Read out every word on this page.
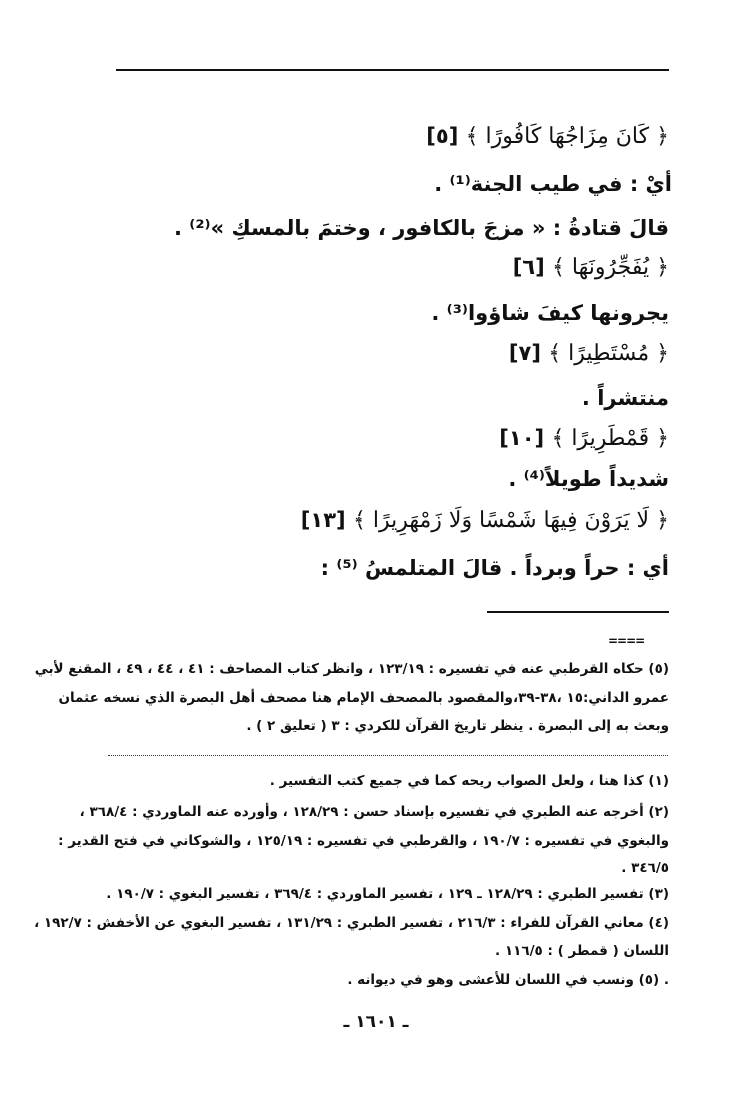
﴿ كَانَ مِزَاجُهَا كَافُورًا ﴾ [٥]
أيْ : في طيب الجنة⁽¹⁾ .
قالَ قتادةُ : « مزجَ بالكافور ، وختمَ بالمسكِ »⁽²⁾ .
﴿ يُفَجِّرُونَهَا ﴾ [٦]
يجرونها كيفَ شاؤوا⁽³⁾ .
﴿ مُسْتَطِيرًا ﴾ [٧]
منتشراً .
﴿ قَمْطَرِيرًا ﴾ [١٠]
شديداً طويلاً⁽⁴⁾ .
﴿ لَا يَرَوْنَ فِيهَا شَمْسًا وَلَا زَمْهَرِيرًا ﴾ [١٣]
أي : حراً وبرداً . قالَ المتلمسُ ⁽⁵⁾ :
====
(٥) حكاه القرطبي عنه في تفسيره : ١٢٣/١٩ ، وانظر كتاب المصاحف : ٤١ ، ٤٤ ، ٤٩ ، المقنع لأبي
عمرو الداني:١٥ ،٣٨-٣٩،والمقصود بالمصحف الإمام هنا مصحف أهل البصرة الذي نسخه عثمان
وبعث به إلى البصرة . ينظر تاريخ القرآن للكردي : ٣ ( تعليق ٢ ) .
(١) كذا هنا ، ولعل الصواب ريحه كما في جميع كتب التفسير .
(٢) أخرجه عنه الطبري في تفسيره بإسناد حسن : ١٢٨/٢٩ ، وأورده عنه الماوردي : ٣٦٨/٤ ،
والبغوي في تفسيره : ١٩٠/٧ ، والقرطبي في تفسيره : ١٢٥/١٩ ، والشوكاني في فتح القدير :
٣٤٦/٥ .
(٣) تفسير الطبري : ١٢٨/٢٩ ـ ١٢٩ ، تفسير الماوردي : ٣٦٩/٤ ، تفسير البغوي : ١٩٠/٧ .
(٤) معاني القرآن للفراء : ٢١٦/٣ ، تفسير الطبري : ١٣١/٢٩ ، تفسير البغوي عن الأخفش : ١٩٢/٧ ،
اللسان ( قمطر ) : ١١٦/٥ .
. (٥) ونسب في اللسان للأعشى وهو في ديوانه .
ـ ١٦٠١ ـ
